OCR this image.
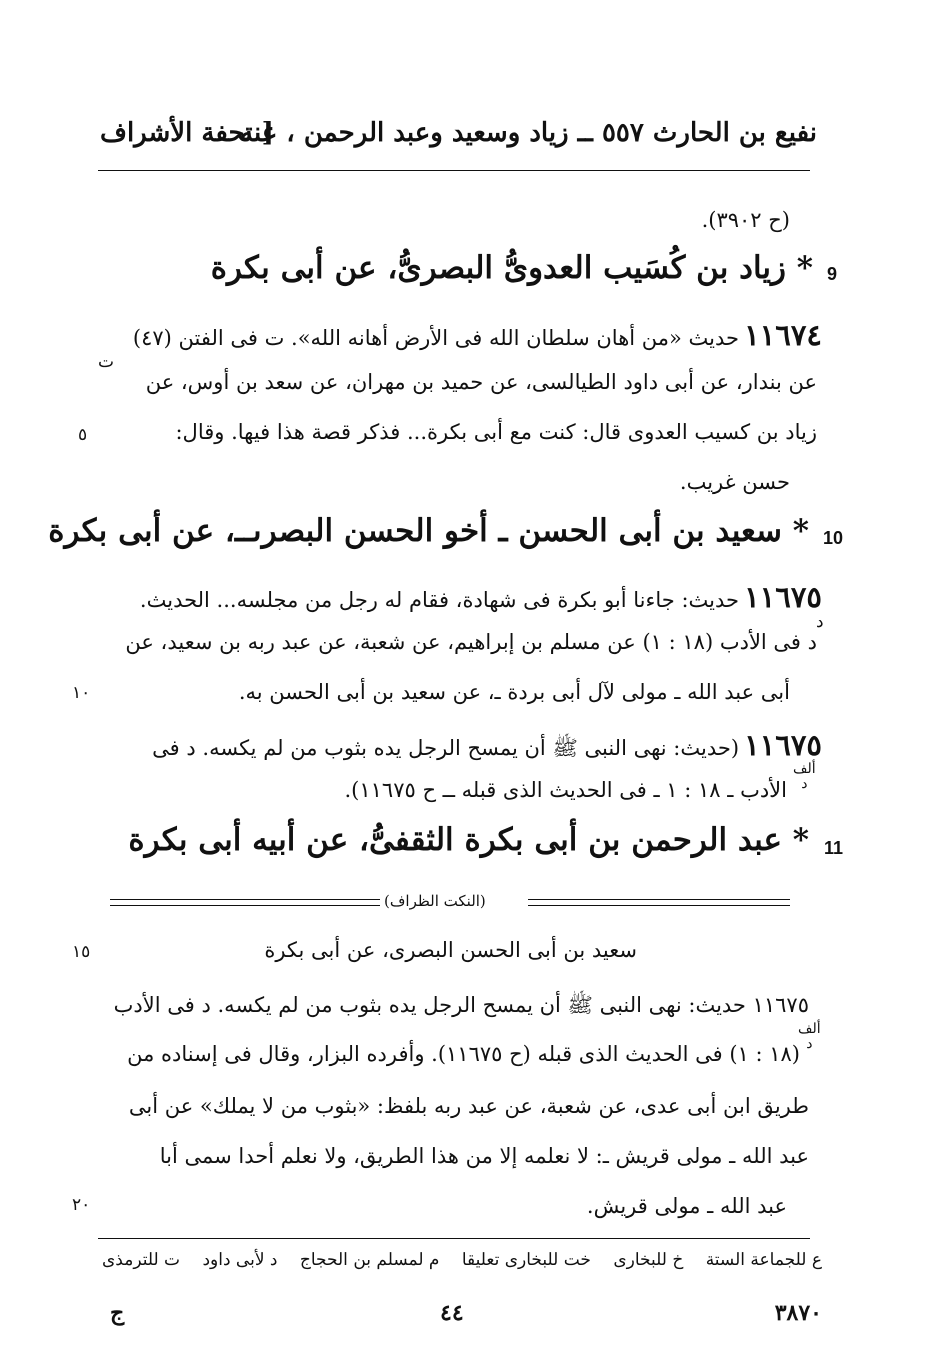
نفيع بن الحارث ٥٥٧ ــ زياد وسعيد وعبد الرحمن ، عنه
[ تحفة الأشراف
(ح ٣٩٠٢).
9
* زياد بن كُسَيب العدوىُّ البصرىُّ، عن أبى بكرة
١١٦٧٤ حديث «من أهان سلطان الله فى الأرض أهانه الله». ت فى الفتن (٤٧)
ت
عن بندار، عن أبى داود الطيالسى، عن حميد بن مهران، عن سعد بن أوس، عن
زياد بن كسيب العدوى قال: كنت مع أبى بكرة... فذكر قصة هذا فيها. وقال:
حسن غريب.
٥
10
* سعيد بن أبى الحسن ـ أخو الحسن البصرىــ، عن أبى بكرة
١١٦٧٥ حديث: جاءنا أبو بكرة فى شهادة، فقام له رجل من مجلسه... الحديث.
د
د فى الأدب (١٨ : ١) عن مسلم بن إبراهيم، عن شعبة، عن عبد ربه بن سعيد، عن
أبى عبد الله ـ مولى لآل أبى بردة ـ، عن سعيد بن أبى الحسن به.
١٠
١١٦٧٥ (حديث: نهى النبى ﷺ أن يمسح الرجل يده بثوب من لم يكسه. د فى
ألف
د
الأدب ـ ١٨ : ١ ـ فى الحديث الذى قبله ــ ح ١١٦٧٥).
11
* عبد الرحمن بن أبى بكرة الثقفىُّ، عن أبيه أبى بكرة
(النكت الظراف)
سعيد بن أبى الحسن البصرى، عن أبى بكرة
١٥
١١٦٧٥ حديث: نهى النبى ﷺ أن يمسح الرجل يده بثوب من لم يكسه. د فى الأدب
ألف
د
(١٨ : ١) فى الحديث الذى قبله (ح ١١٦٧٥). وأفرده البزار، وقال فى إسناده من
طريق ابن أبى عدى، عن شعبة، عن عبد ربه بلفظ: «بثوب من لا يملك» عن أبى
عبد الله ـ مولى قريش ـ: لا نعلمه إلا من هذا الطريق، ولا نعلم أحدا سمى أبا
عبد الله ـ مولى قريش.
٢٠
ع للجماعة الستة
خ للبخارى
خت للبخارى تعليقا
م لمسلم بن الحجاج
د لأبى داود
ت للترمذى
ج	٤٤	٣٨٧٠
